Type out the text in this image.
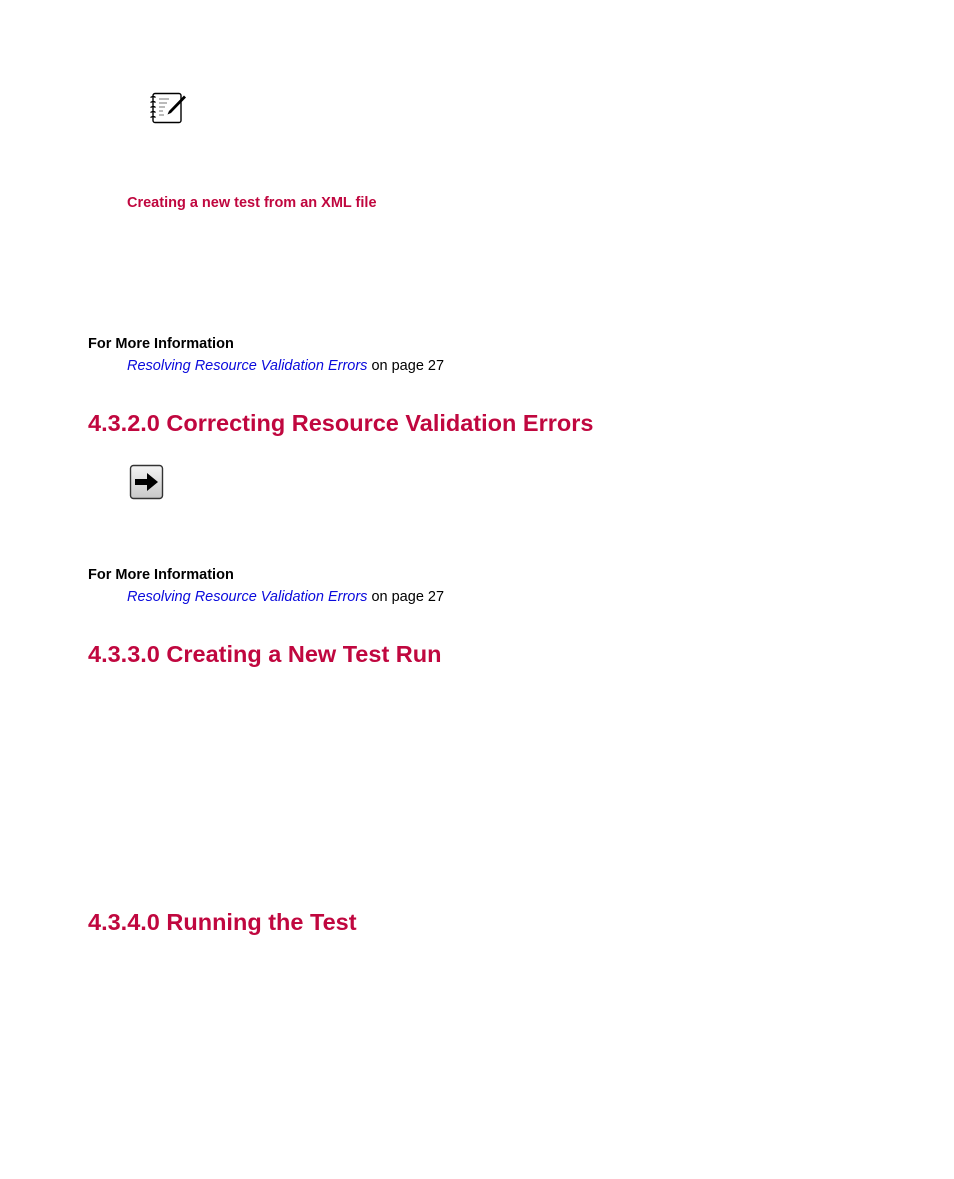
Creating a new test from an XML file
For More Information
Resolving Resource Validation Errors on page 27
4.3.2.0 Correcting Resource Validation Errors
For More Information
Resolving Resource Validation Errors on page 27
4.3.3.0 Creating a New Test Run
4.3.4.0 Running the Test
